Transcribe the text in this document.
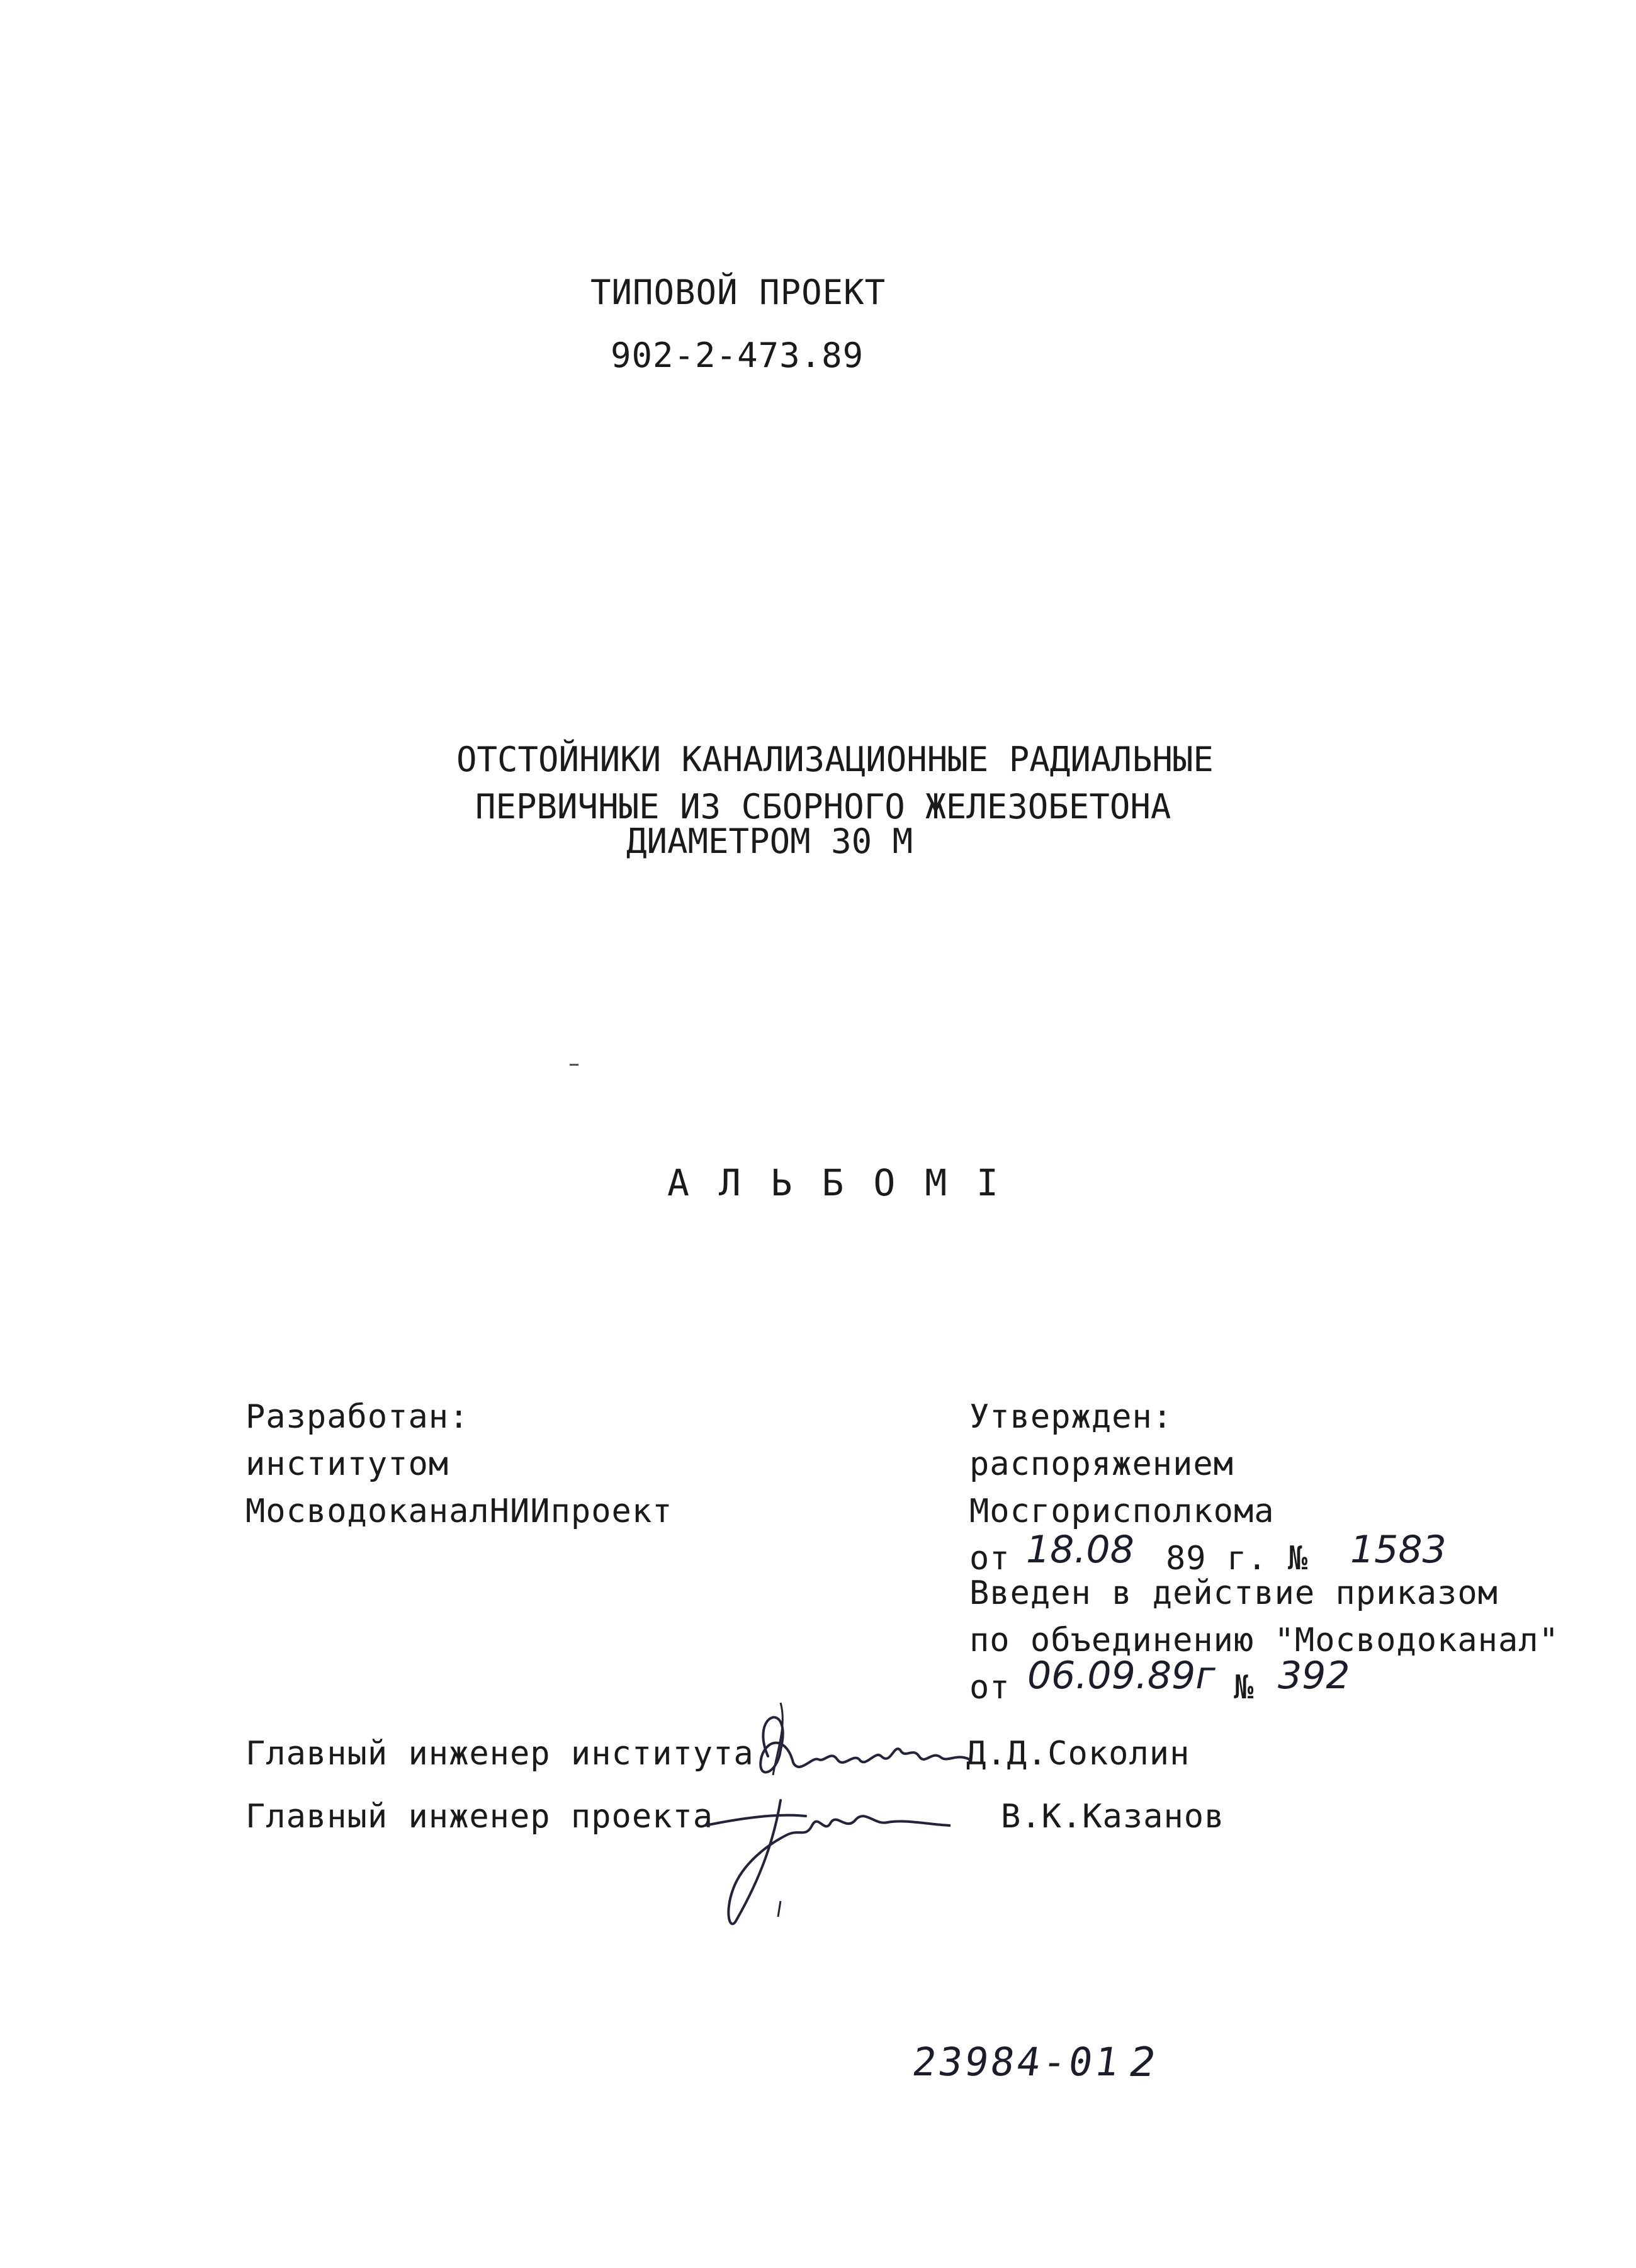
ТИПОВОЙ ПРОЕКТ
902-2-473.89
ОТСТОЙНИКИ КАНАЛИЗАЦИОННЫЕ РАДИАЛЬНЫЕ
ПЕРВИЧНЫЕ ИЗ СБОРНОГО ЖЕЛЕЗОБЕТОНА
ДИАМЕТРОМ 30 М
А Л Ь Б О М I
Разработан:
институтом
МосводоканалНИИпроект
Утвержден:
распоряжением
Мосгорисполкома
от 18.08 89 г. № 1583
Введен в действие приказом
по объединению "Мосводоканал"
от 06.09.89г № 392
Главный инженер института	Д.Д.Соколин
Главный инженер проекта	В.К.Казанов
23984-01 2
